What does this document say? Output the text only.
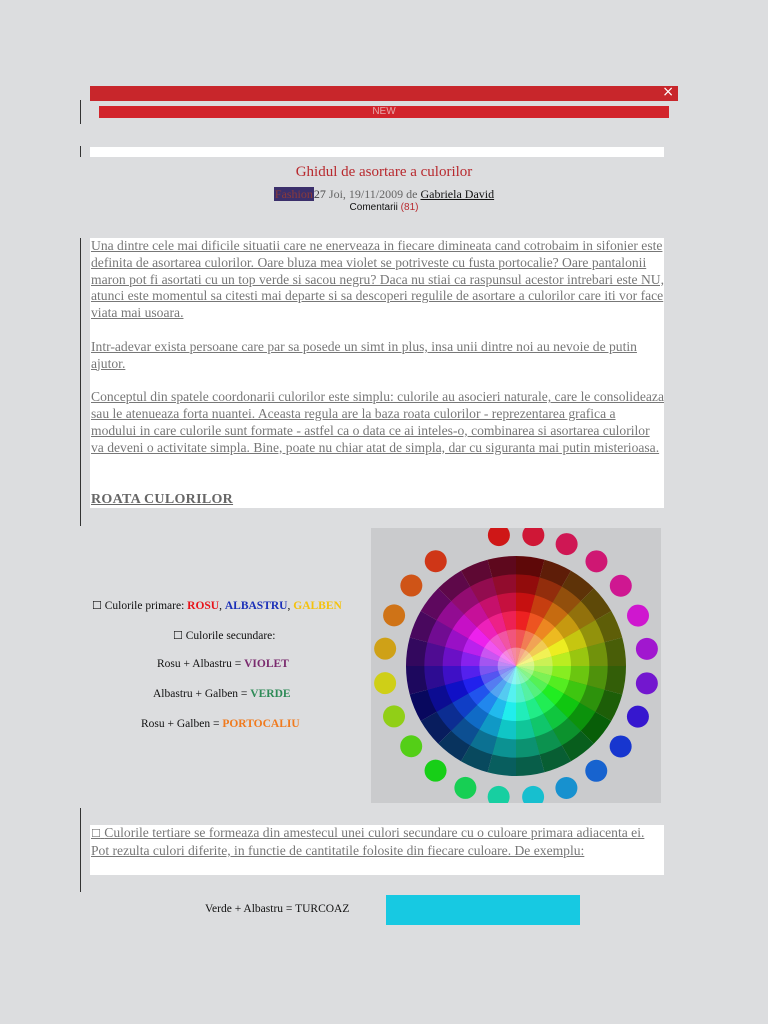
×
NEW
Ghidul de asortare a culorilor
Fashion27 Joi, 19/11/2009 de Gabriela David
Comentarii (81)

Una dintre cele mai dificile situatii care ne enerveaza in fiecare dimineata cand cotrobaim in sifonier este definita de asortarea culorilor. Oare bluza mea violet se potriveste cu fusta portocalie? Oare pantalonii maron pot fi asortati cu un top verde si sacou negru? Daca nu stiai ca raspunsul acestor intrebari este NU, atunci este momentul sa citesti mai departe si sa descoperi regulile de asortare a culorilor care iti vor face viata mai usoara.

Intr-adevar exista persoane care par sa posede un simt in plus, insa unii dintre noi au nevoie de putin ajutor.

Conceptul din spatele coordonarii culorilor este simplu: culorile au asocieri naturale, care le consolideaza sau le atenueaza forta nuantei. Aceasta regula are la baza roata culorilor - reprezentarea grafica a modului in care culorile sunt formate - astfel ca o data ce ai inteles-o, combinarea si asortarea culorilor va deveni o activitate simpla. Bine, poate nu chiar atat de simpla, dar cu siguranta mai putin misterioasa.

ROATA CULORILOR
☐ Culorile primare: ROSU, ALBASTRU, GALBEN
☐ Culorile secundare:
Rosu + Albastru = VIOLET
Albastru + Galben = VERDE
Rosu + Galben = PORTOCALIU

☐ Culorile tertiare se formeaza din amestecul unei culori secundare cu o culoare primara adiacenta ei. Pot rezulta culori diferite, in functie de cantitatile folosite din fiecare culoare. De exemplu:

Verde + Albastru = TURCOAZ
